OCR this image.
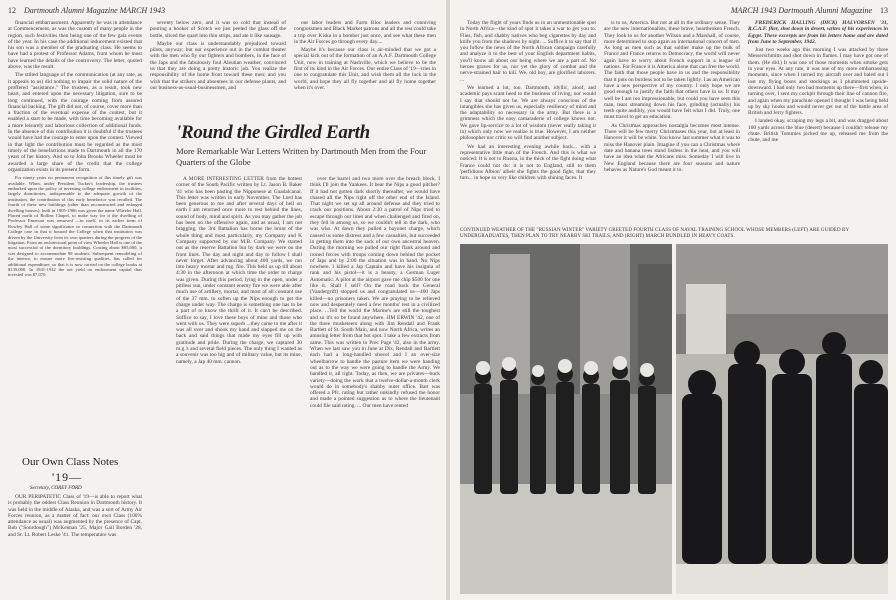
12 Dartmouth Alumni Magazine MARCH 1943

financial embarrassment. Apparently he was in attendance at Commencement, as was the custom of many people in the region, such festivities then being one of the few gala events of the year. In his case the additional inducement existed that his son was a member of the graduating class. He seems to have had a protest of Professor Adams, from whom he must have learned the details of the controversy. The letter, quoted above, was the result.

The stilted language of the communication (at any rate, as it appeals to us) did nothing to impair the solid nature of the proffered "assistance." The trustees, as a result, took new heart, and entered upon the necessary litigation, sure to be long continued, with the courage coming from assured financial backing. The gift did not, of course, cover more than a fraction of the eventual expense of the contest, but it enabled a start to be made, with time becoming available for a more leisurely and laborious collection of additional funds. In the absence of this contribution it is doubtful if the trustees would have had the courage to enter upon the contest. Viewed in that light the contribution must be regarded as the most timely of the benefactions made to Dartmouth in all the 170 years of her history. And so to John Brooks Wheeler must be awarded a large share of the credit that the college organization exists in its present form.

For ninety years no permanent recognition of this timely gift was available. When, under President Tucker's leadership, the trustees embarked upon the policy of investing college endowment in facilities, largely dormitories, indispensable to the adequate growth of the institution, the contribution of this early benefactor was recalled. The fourth of these new buildings (other than reconstructed and enlarged dwelling houses), built in 1905-1906 was given the name Wheeler Hall. Placed north of Rollins Chapel, to make way for it the dwelling of Professor Emerson was removed —in itself, in its earlier form of Rowley Hall of some significance in connection with the Dartmouth College case in that it housed the College when that institution was driven by the University from its own quarters during the progress of the litigation. From an architectural point of view Wheeler Hall is one of the most successful of the dormitory buildings. Costing about $85,000, it was designed to accommodate 98 students. Subsequent remodeling of the interior, to ensure more fire-resisting qualities, has called for additional expenditure, so that it is now carried on the college books at $135,000. In 1941-1942 the net yield on endowment capital thus invested was $7,070.

Our Own Class Notes
'19—
Secretary, COREY FORD

OUR PERIPATETIC Class of '19—is able to report what is probably the oddest Class Reunion in Dartmouth history. It was held in the middle of Alaska, and was a sort of Army Air Forces reunion, as a matter of fact: our own Class (100% attendance as usual) was augmented by the presence of Capt. Bob ("Sourdough") McKennan '25, Major Gail Borden '28, and Sr. Lt. Robert Leske '41. The temperature was

seventy below zero, and it was so cold that instead of pouring a hooker of Scotch we just peeled the glass off the bottle, sliced the quart into thin strips, and ate it like sausage.

Maybe our class is understandably prejudiced toward pilots, anyway; but our experience out in the combat theater with the men who fly our fighters and bombers, in the face of the Japs and the fabulously foul Aleutian weather, convinced us that they are doing a pretty historic job. You realize the responsibility of the home front toward these men; and you wish that the strikers and absentees in our defense plants, and our business-as-usual-businessmen, and

our labor leaders and Farm Bloc leaders and conniving congressmen and Black Market patrons and all the rest could take a trip over Kiska in a bomber just once, and see what these men in the Air Forces go through every day....

Maybe it's because our class is air-minded that we got a special kick out of the formation of an A.A.F. Dartmouth College Unit, now in training at Nashville, which we believe to be the first of its kind in the Air Forces. Our entire Class of '19—tries in one to congratulate this Unit, and wish them all the luck in the world, and hope they all fly together and all fly home together when it's over.

'Round the Girdled Earth
More Remarkable War Letters Written by Dartmouth Men from the Four Quarters of the Globe

A MORE INTERESTING LETTER from the hottest corner of the South Pacific written by Lt. Jason B. Baker '41 who has been pasting the Nipponese at Guadalcanal. This letter was written in early November. The Lord has been generous to me and after several days of hell on earth I am returned once more to rest behind the lines, sound of body, mind and spirit. As you may gather the job has been on the offensive again, and as usual, I am not bragging, the 3rd Battalion has borne the brunt of the whole thing and most particularly, my Company and K Company supported by our M.B. Company. We started out as the reserve Battalion but by dark we were on the front lines. The day and night and day to follow I shall never forget. After advancing about 400 yards, we ran into heavy mortar and mg. fire. This held us up till about 4:30 in the afternoon at which time the order to charge was given. During this period, lying in the open, under a pitiless sun, under constant enemy fire we were able after much use of artillery, mortar, and most of all constant use of the 37 mm. to soften up the Nips enough to get the charge under way. The charge is something one has to be a part of to know the thrill of it. It can't be described. Suffice to say, I love these boys of mine and those who went with us. They were superb ...they came to me after it was all over and shook my hand and slapped me on the back and said things that made my eyes fill up with gratitude and pride. During the charge, we captured 30 m.g.'s and several field pieces. The only thing I wanted as a souvenir was too big and of military value, but its mine, namely, a Jap 40 mm. cannon.

over the barrel and two more over the breach block. I think I'll join the Yankees. It bear the Nips a good pitcher? If it had not gotten dark shortly thereafter, we would have chased all the Nips right off the other end of the Island. That night we set up all around defense and they tried to crack our positions. About 2:30 a patrol of Nips tried to escape through our lines and when challenged and fired on, they fell in among us, so we couldn't tell in the dark, who was who. At dawn they pulled a bayonet charge, which caused us some distress and a few casualties, but succeeded in getting them into the sack of our own ancestral heaven. During the morning we pulled our right flank around and ironed forces with troops coming down behind the pocket of Japs and by 2:00 the situation was in hand. No Nips nowhere. I killed a Jap Captain and have his insignia of rank and his pistol—it is a beauty, a German Luger Automatic. A pilot at the airport gave me chip $500 for one like it. Shall I sell? On the road back the General (Vandergrift) stopped us and congratulated us—400 Japs killed—no prisoners taken. We are praying to be relieved now and desperately need a few months' rest in a civilized place. ...Tell the world the Marine's are still the toughest and so it's so be found anywhere. JIM ERWIN '42, one of the three musketeers along with Jim Rendall and Frank Bartlett of St. South Main, and now North Africa, writes an amusing letter from that hot spot. I take a few extracts from same. This was written to Prec Page '42, also in the army. When we last saw you in June at Dix, Rendall and Bartlett each had a long-handled shovel and I an over-size wheelbarrow to handle the pasture item we were handing out as to the way we were going to handle the Army. We handled it, all right. Today, as then, we are privates—buck variety—doing the work that a twelve-dollar-a-month clerk would do in somebody's shabby outer office. Bart was offered a Pfc. rating but rather unkindly refused the honor and made a pointed suggestion as to where the lieutenant could file said rating. ... Our men have rented

MARCH 1943 Dartmouth Alumni Magazine 13

Today the flight of years finds us in an unmentionable spot in North Africa—the kind of spot it takes a war to get you to. Flies, fish, and shabby natives who beg cigarettes by day and knife you from the shadows by night. ... Suffice it to say that if you follow the news of the North African campaign carefully and analyze it to the best of your English department habits, you'll know all about our being where we are a part of. No heroes graves for us, nor yet the glory of combat and the nerve-strained hair to kill. We, old boy, are glorified laborers. ...

We learned a lot, too. Dartmouth, idyllic, aloof, and academic pays scant heed to the business of living; nor would I say that should not be. We are always conscious of the intangibles she has given us, especially resiliency of mind and the adaptability so necessary in the army. But there is a grimness which the easy camaraderie of college knows not. We gave lip-service to a lot of wisdom (never really taking it in) which only now we realize is true. However, I am neither philosopher nor critic so will find another subject.

We had an interesting evening awhile back... with a representative little man of the French. And this is what we noticed: It is not to Russia, in the thick of the fight doing what France could not do: it is not to England, still to them 'perfidious Albion' albeit she fights the good fight, that they turn... in hope so very like children with shining faces. It

is to us, America. But not at all in the ordinary sense. They are the new internationalists, these brave, heartbroken French. They look to us for another Wilson and a Marshall, of course, more determined to stop again an international concert of men. As long as men such as that soldier make up the bulk of France and France returns to Democracy, the world will never again have to worry about French support in a league of nations. For France it is America alone that can free the world. The faith that those people have in us and the responsibility that it puts on burdens not to be taken lightly. I as an American have a new perspective of my country. I only hope we are good enough to justify the faith that others have in us. It may well be I am too impressionable, but could you have seen this man, tears streaming down his face, grinding (actually) his teeth quite audibly, you would have felt what I did. Truly, one must travel to get an education.

As Christmas approaches nostalgia becomes most intense. There will be few merry Christmases this year, but at least in Hanover it will be white. You know last summer what it was to miss the Hanover plain. Imagine if you can a Christmas where date and banana trees stand listless in the heat, and you will have an idea what the Africans miss. Someday I will live in New England because there are four seasons and nature behaves as Nature's God meant it to.

FREDERICK HALLING (DICK) HALVORSEN '31, R.C.A.F. flier, shot down in desert, writes of his experiences in Egypt. These excerpts are from his letters home and are dated from June to September, 1942.

Just two weeks ago this morning I was attacked by three Messerschmitts and shot down in flames. I may have got one of them. (He did.) It was one of those moments when smoke gets in your eyes. At any rate, it was one of my more embarrassing moments, since when I turned my aircraft over and baled out I lost my flying boots and stockings as I plummeted upside-downward. I had only two bad moments up there—first when, in turning over, I sent my cockpit through their line of cannon fire, and again when my parachute opened I thought I was being held up by sky hooks and would never get out of the battle area of British and Jerry fighters.

I landed okay, scraping my legs a bit, and was dragged about 100 yards across the blue (desert) because I couldn't release my chute. British Tommies picked me up, released me from the chute, and me

CONTINUED WEATHER OF THE "RUSSIAN WINTER" VARIETY GREETED FOURTH CLASS OF NAVAL TRAINING SCHOOL WHOSE MEMBERS (LEFT) ARE GUIDED BY UNDERGRADUATES, THEN PLAN TO TRY NEARBY SKI TRAILS, AND (RIGHT) MARCH BUNDLED IN HEAVY COATS.
